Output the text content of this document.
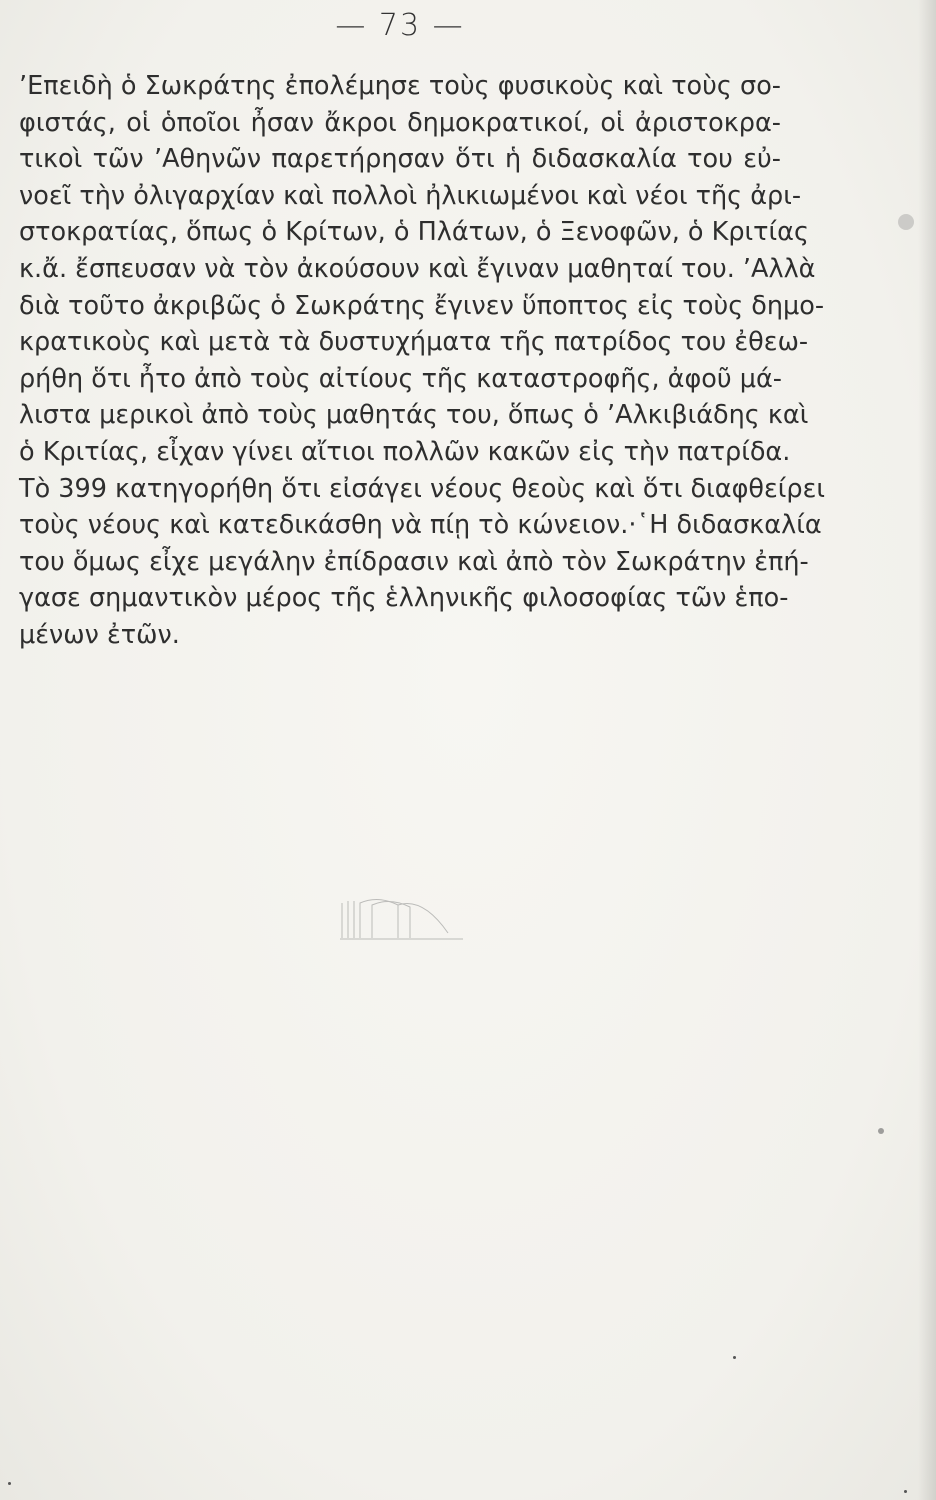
— 73 —
’Επειδὴ ὁ Σωκράτης ἐπολέμησε τοὺς φυσικοὺς καὶ τοὺς σο-
φιστάς, οἱ ὁποῖοι ἦσαν ἄκροι δημοκρατικοί, οἱ ἀριστοκρα-
τικοὶ τῶν ’Αθηνῶν παρετήρησαν ὅτι ἡ διδασκαλία του εὐ-
νοεῖ τὴν ὀλιγαρχίαν καὶ πολλοὶ ἠλικιωμένοι καὶ νέοι τῆς ἀρι-
στοκρατίας, ὅπως ὁ Κρίτων, ὁ Πλάτων, ὁ Ξενοφῶν, ὁ Κριτίας
κ.ἄ. ἔσπευσαν νὰ τὸν ἀκούσουν καὶ ἔγιναν μαθηταί του. ’Αλλὰ
διὰ τοῦτο ἀκριβῶς ὁ Σωκράτης ἔγινεν ὕποπτος εἰς τοὺς δημο-
κρατικοὺς καὶ μετὰ τὰ δυστυχήματα τῆς πατρίδος του ἐθεω-
ρήθη ὅτι ἦτο ἀπὸ τοὺς αἰτίους τῆς καταστροφῆς, ἀφοῦ μά-
λιστα μερικοὶ ἀπὸ τοὺς μαθητάς του, ὅπως ὁ ’Αλκιβιάδης καὶ
ὁ Κριτίας, εἶχαν γίνει αἴτιοι πολλῶν κακῶν εἰς τὴν πατρίδα.
Τὸ 399 κατηγορήθη ὅτι εἰσάγει νέους θεοὺς καὶ ὅτι διαφθείρει
τοὺς νέους καὶ κατεδικάσθη νὰ πίῃ τὸ κώνειον.·῾Η διδασκαλία
του ὅμως εἶχε μεγάλην ἐπίδρασιν καὶ ἀπὸ τὸν Σωκράτην ἐπή-
γασε σημαντικὸν μέρος τῆς ἑλληνικῆς φιλοσοφίας τῶν ἑπο-
μένων ἐτῶν.
